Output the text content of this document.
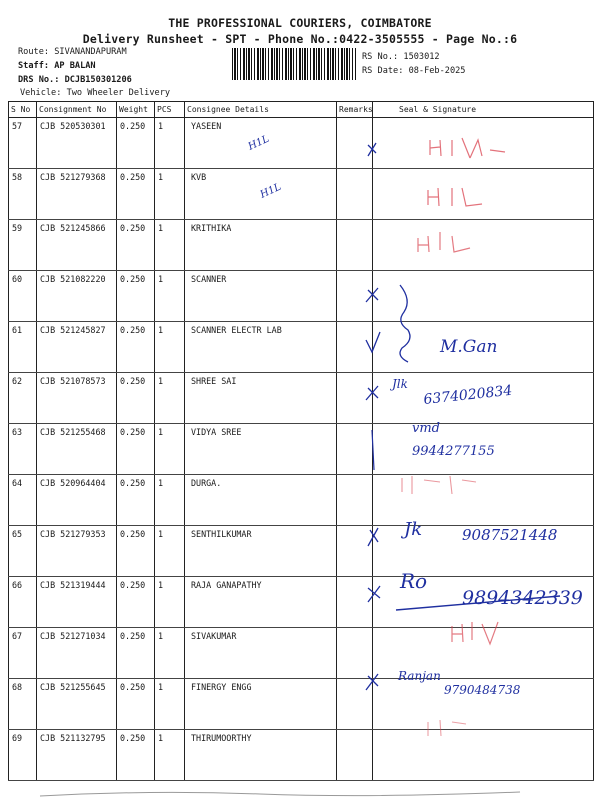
THE PROFESSIONAL COURIERS, COIMBATORE
Delivery Runsheet - SPT - Phone No.:0422-3505555 - Page No.:6
Route: SIVANANDAPURAM
Staff: AP BALAN
DRS No.: DCJB150301206
Vehicle: Two Wheeler Delivery
RS No.: 1503012
RS Date: 08-Feb-2025
S No	Consignment No	Weight	PCS	Consignee Details	Remarks	Seal & Signature
57	CJB 520530301	0.250	1	YASEEN		
58	CJB 521279368	0.250	1	KVB		
59	CJB 521245866	0.250	1	KRITHIKA		
60	CJB 521082220	0.250	1	SCANNER		
61	CJB 521245827	0.250	1	SCANNER ELECTR LAB		
62	CJB 521078573	0.250	1	SHREE SAI		
63	CJB 521255468	0.250	1	VIDYA SREE		
64	CJB 520964404	0.250	1	DURGA.		
65	CJB 521279353	0.250	1	SENTHILKUMAR		
66	CJB 521319444	0.250	1	RAJA GANAPATHY		
67	CJB 521271034	0.250	1	SIVAKUMAR		
68	CJB 521255645	0.250	1	FINERGY ENGG		
69	CJB 521132795	0.250	1	THIRUMOORTHY		
H1L
H1L
M.Gan
Jlk 6374020834
vmd
9944277155
Jk	9087521448
Ro
9894342339
Ranjan
9790484738
